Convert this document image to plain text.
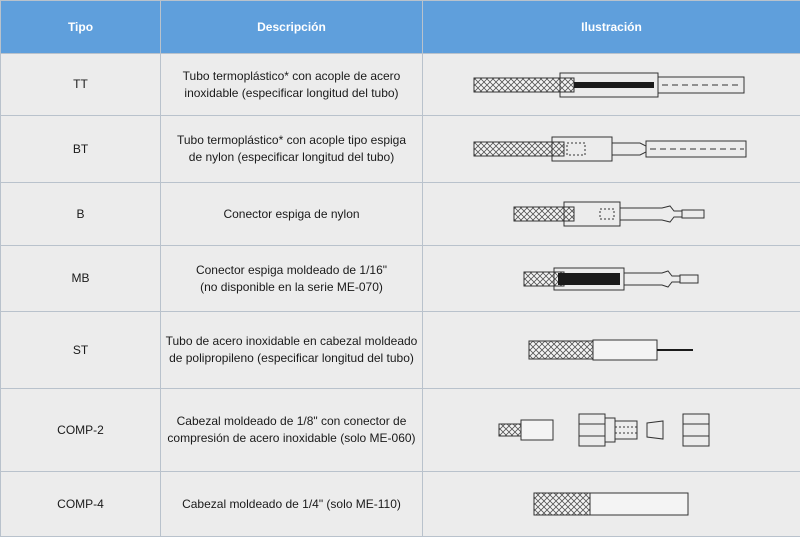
Tipo	Descripción	Ilustración
TT	Tubo termoplástico* con acople de acero
inoxidable (especificar longitud del tubo)	

BT	Tubo termoplástico* con acople tipo espiga
de nylon (especificar longitud del tubo)	

B	Conector espiga de nylon	

MB	Conector espiga moldeado de 1/16"
(no disponible en la serie ME-070)	

ST	Tubo de acero inoxidable en cabezal moldeado
de polipropileno (especificar longitud del tubo)	

COMP-2	Cabezal moldeado de 1/8" con conector de
compresión de acero inoxidable (solo ME-060)	

COMP-4	Cabezal moldeado de 1/4" (solo ME-110)	
